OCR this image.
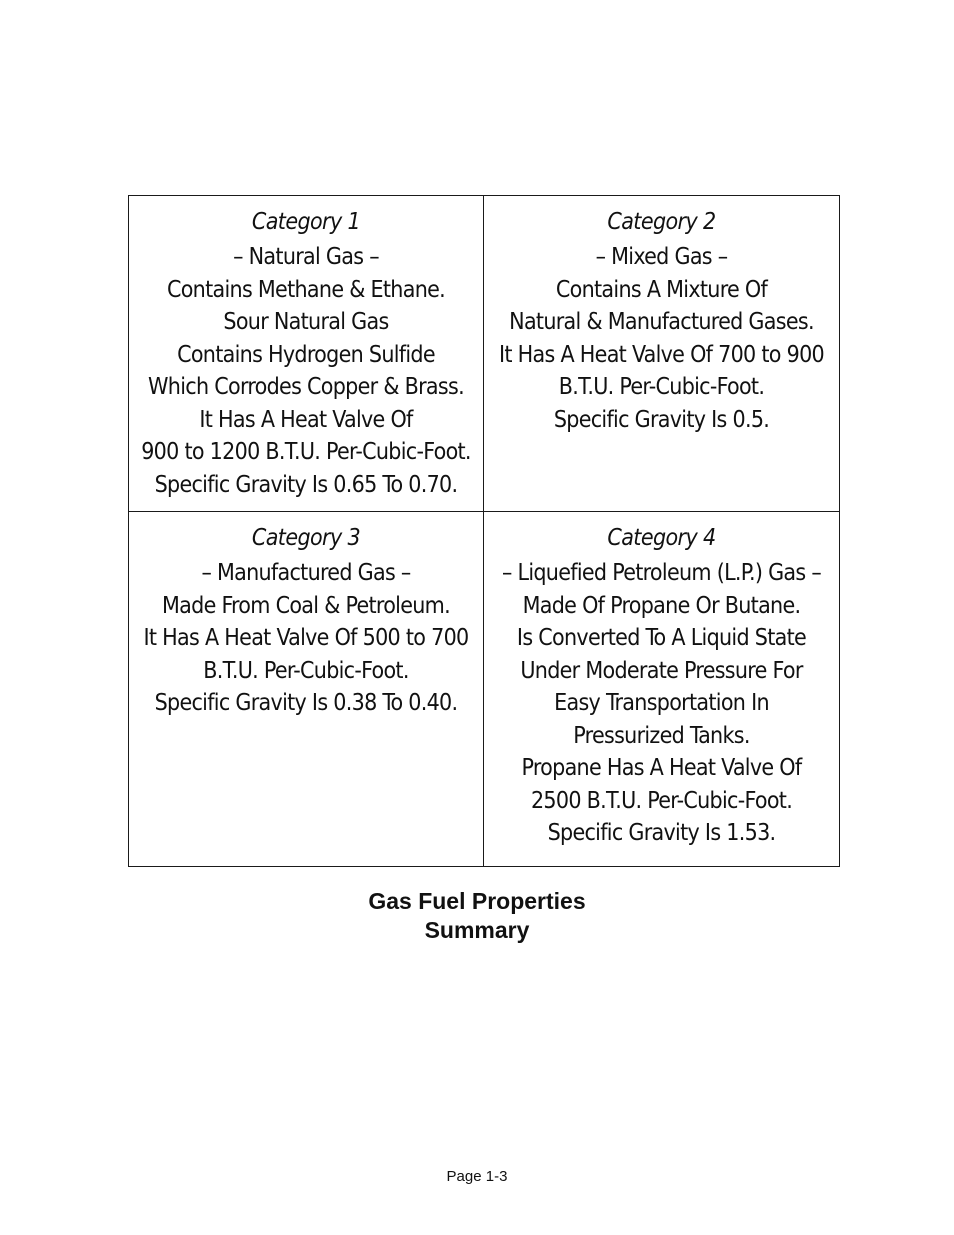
Category 1
– Natural Gas –
Contains Methane & Ethane.
Sour Natural Gas
Contains Hydrogen Sulfide
Which Corrodes Copper & Brass.
It Has A Heat Valve Of
900 to 1200 B.T.U. Per-Cubic-Foot.
Specific Gravity Is 0.65 To 0.70.
Category 2
– Mixed Gas –
Contains A Mixture Of
Natural & Manufactured Gases.
It Has A Heat Valve Of 700 to 900
B.T.U. Per-Cubic-Foot.
Specific Gravity Is 0.5.
Category 3
– Manufactured Gas –
Made From Coal & Petroleum.
It Has A Heat Valve Of 500 to 700
B.T.U. Per-Cubic-Foot.
Specific Gravity Is 0.38 To 0.40.
Category 4
– Liquefied Petroleum (L.P.) Gas –
Made Of Propane Or Butane.
Is Converted To A Liquid State
Under Moderate Pressure For
Easy Transportation In
Pressurized Tanks.
Propane Has A Heat Valve Of
2500 B.T.U. Per-Cubic-Foot.
Specific Gravity Is 1.53.
Gas Fuel Properties
Summary
Page 1-3
